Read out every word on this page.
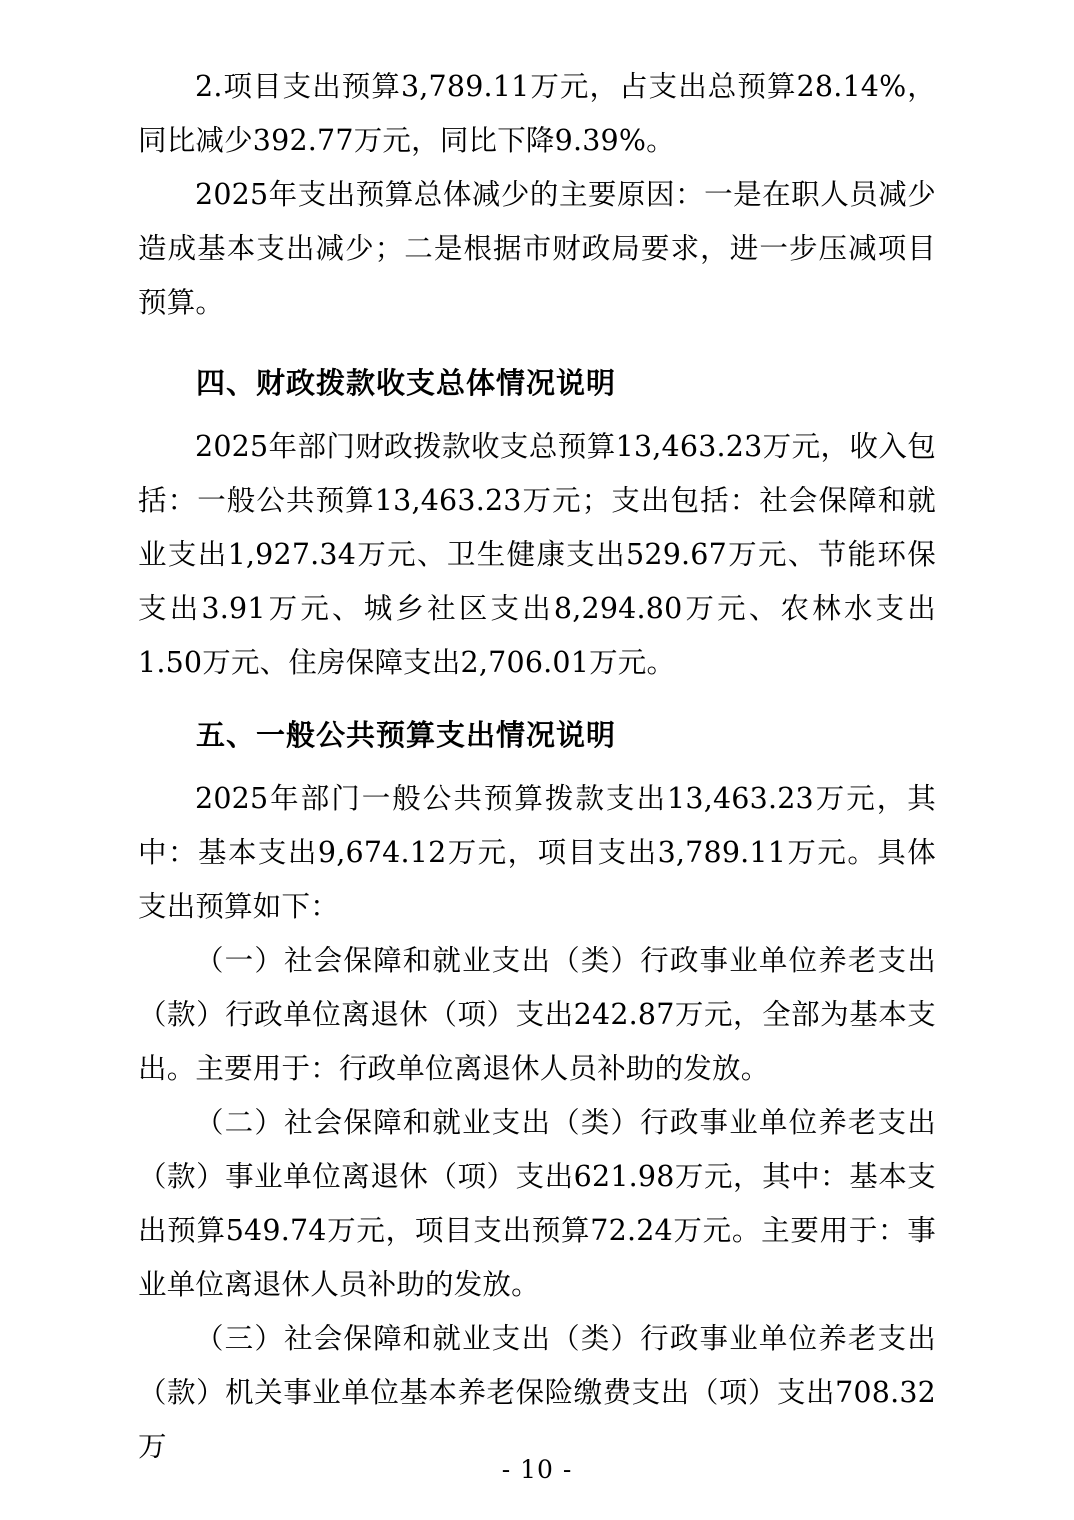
2.项目支出预算3,789.11万元，占支出总预算28.14%，同比减少392.77万元，同比下降9.39%。

2025年支出预算总体减少的主要原因：一是在职人员减少造成基本支出减少；二是根据市财政局要求，进一步压减项目预算。

四、财政拨款收支总体情况说明

2025年部门财政拨款收支总预算13,463.23万元，收入包括：一般公共预算13,463.23万元；支出包括：社会保障和就业支出1,927.34万元、卫生健康支出529.67万元、节能环保支出3.91万元、城乡社区支出8,294.80万元、农林水支出1.50万元、住房保障支出2,706.01万元。

五、一般公共预算支出情况说明

2025年部门一般公共预算拨款支出13,463.23万元，其中：基本支出9,674.12万元，项目支出3,789.11万元。具体支出预算如下：

（一）社会保障和就业支出（类）行政事业单位养老支出（款）行政单位离退休（项）支出242.87万元，全部为基本支出。主要用于：行政单位离退休人员补助的发放。

（二）社会保障和就业支出（类）行政事业单位养老支出（款）事业单位离退休（项）支出621.98万元，其中：基本支出预算549.74万元，项目支出预算72.24万元。主要用于：事业单位离退休人员补助的发放。

（三）社会保障和就业支出（类）行政事业单位养老支出（款）机关事业单位基本养老保险缴费支出（项）支出708.32万

- 10 -
